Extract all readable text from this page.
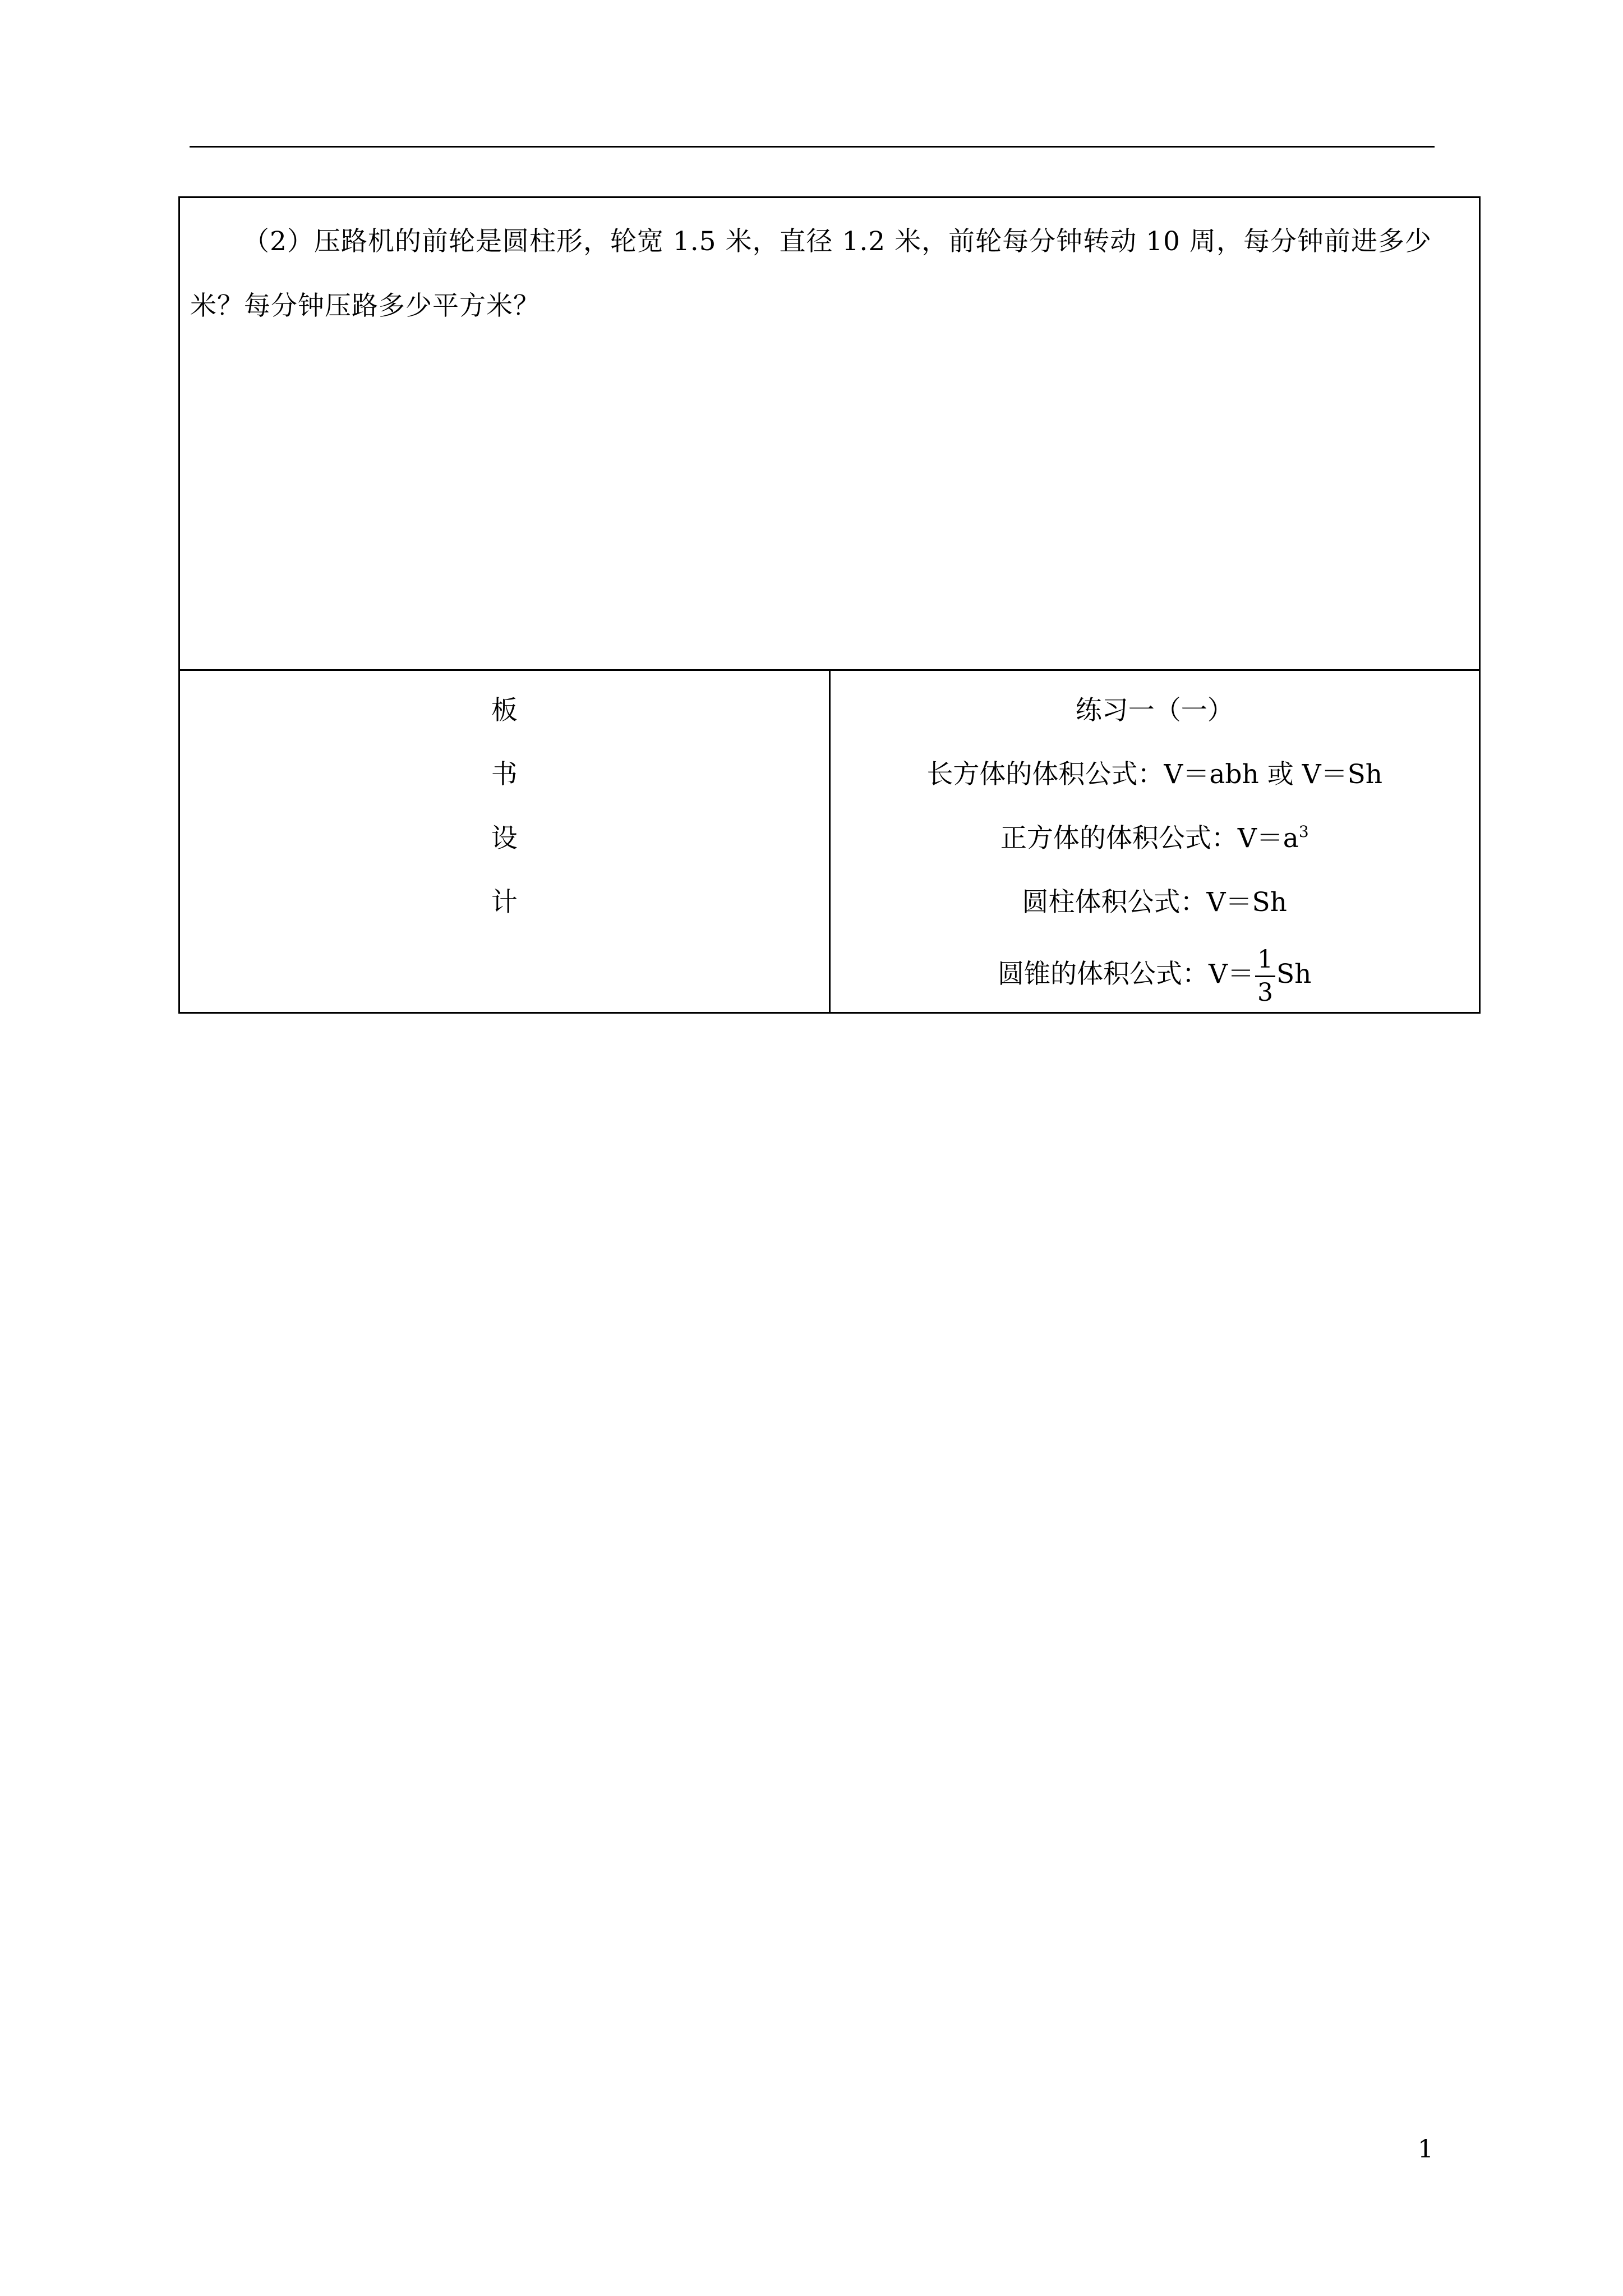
（2）压路机的前轮是圆柱形，轮宽 1.5 米，直径 1.2 米，前轮每分钟转动 10 周，每分钟前进多少米？每分钟压路多少平方米？

板
书
设
计

练习一（一）
长方体的体积公式：V＝abh 或 V＝Sh
正方体的体积公式：$V=a^3$
圆柱体积公式：V＝Sh
圆锥的体积公式：$V= \frac{1}{3}$ Sh
1
